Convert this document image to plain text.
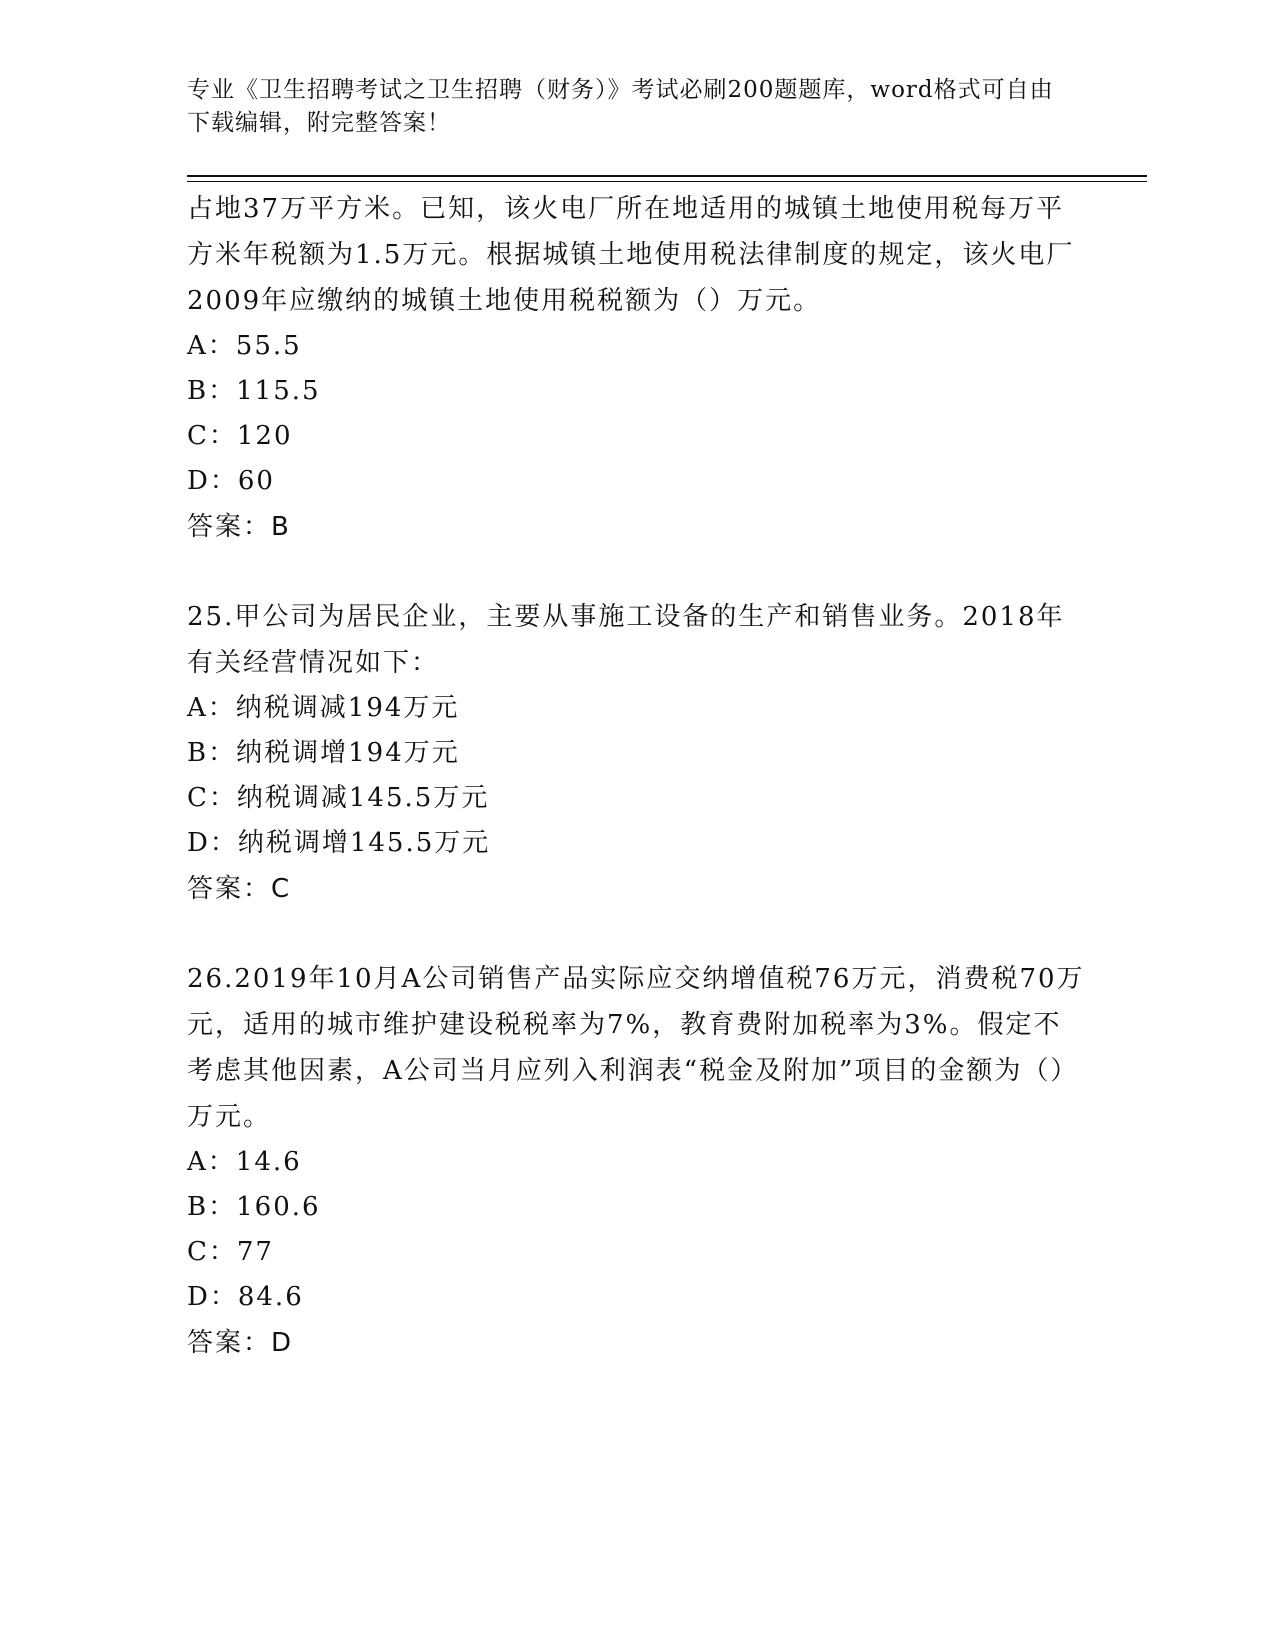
专业《卫生招聘考试之卫生招聘（财务）》考试必刷200题题库，word格式可自由下载编辑，附完整答案！

占地37万平方米。已知，该火电厂所在地适用的城镇土地使用税每万平方米年税额为1.5万元。根据城镇土地使用税法律制度的规定，该火电厂2009年应缴纳的城镇土地使用税税额为（）万元。

A：55.5

B：115.5

C：120

D：60

答案：B

25.甲公司为居民企业，主要从事施工设备的生产和销售业务。2018年有关经营情况如下：

A：纳税调减194万元

B：纳税调增194万元

C：纳税调减145.5万元

D：纳税调增145.5万元

答案：C

26.2019年10月A公司销售产品实际应交纳增值税76万元，消费税70万元，适用的城市维护建设税税率为7%，教育费附加税率为3%。假定不考虑其他因素，A公司当月应列入利润表“税金及附加”项目的金额为（）万元。

A：14.6

B：160.6

C：77

D：84.6

答案：D
